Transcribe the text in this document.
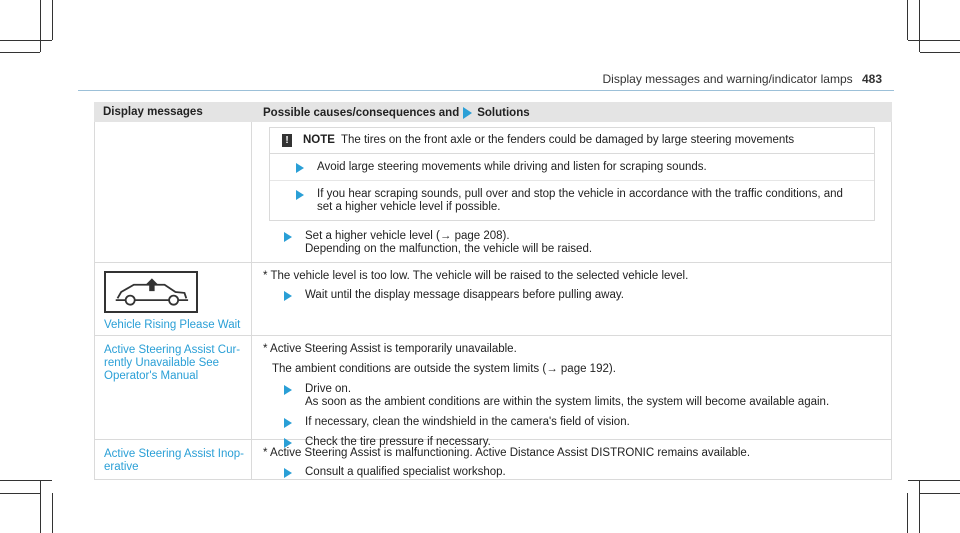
Display messages and warning/indicator lamps 483
Display messages	Possible causes/consequences and Solutions
! NOTE The tires on the front axle or the fenders could be damaged by large steering movements
Avoid large steering movements while driving and listen for scraping sounds.
If you hear scraping sounds, pull over and stop the vehicle in accordance with the traffic conditions, and
set a higher vehicle level if possible.
Set a higher vehicle level (→ page 208).
Depending on the malfunction, the vehicle will be raised.
Vehicle Rising Please Wait
* The vehicle level is too low. The vehicle will be raised to the selected vehicle level.
Wait until the display message disappears before pulling away.
Active Steering Assist Cur-
rently Unavailable See
Operator's Manual
* Active Steering Assist is temporarily unavailable.
The ambient conditions are outside the system limits (→ page 192).
Drive on.
As soon as the ambient conditions are within the system limits, the system will become available again.
If necessary, clean the windshield in the camera's field of vision.
Check the tire pressure if necessary.
Active Steering Assist Inop-
erative
* Active Steering Assist is malfunctioning. Active Distance Assist DISTRONIC remains available.
Consult a qualified specialist workshop.
